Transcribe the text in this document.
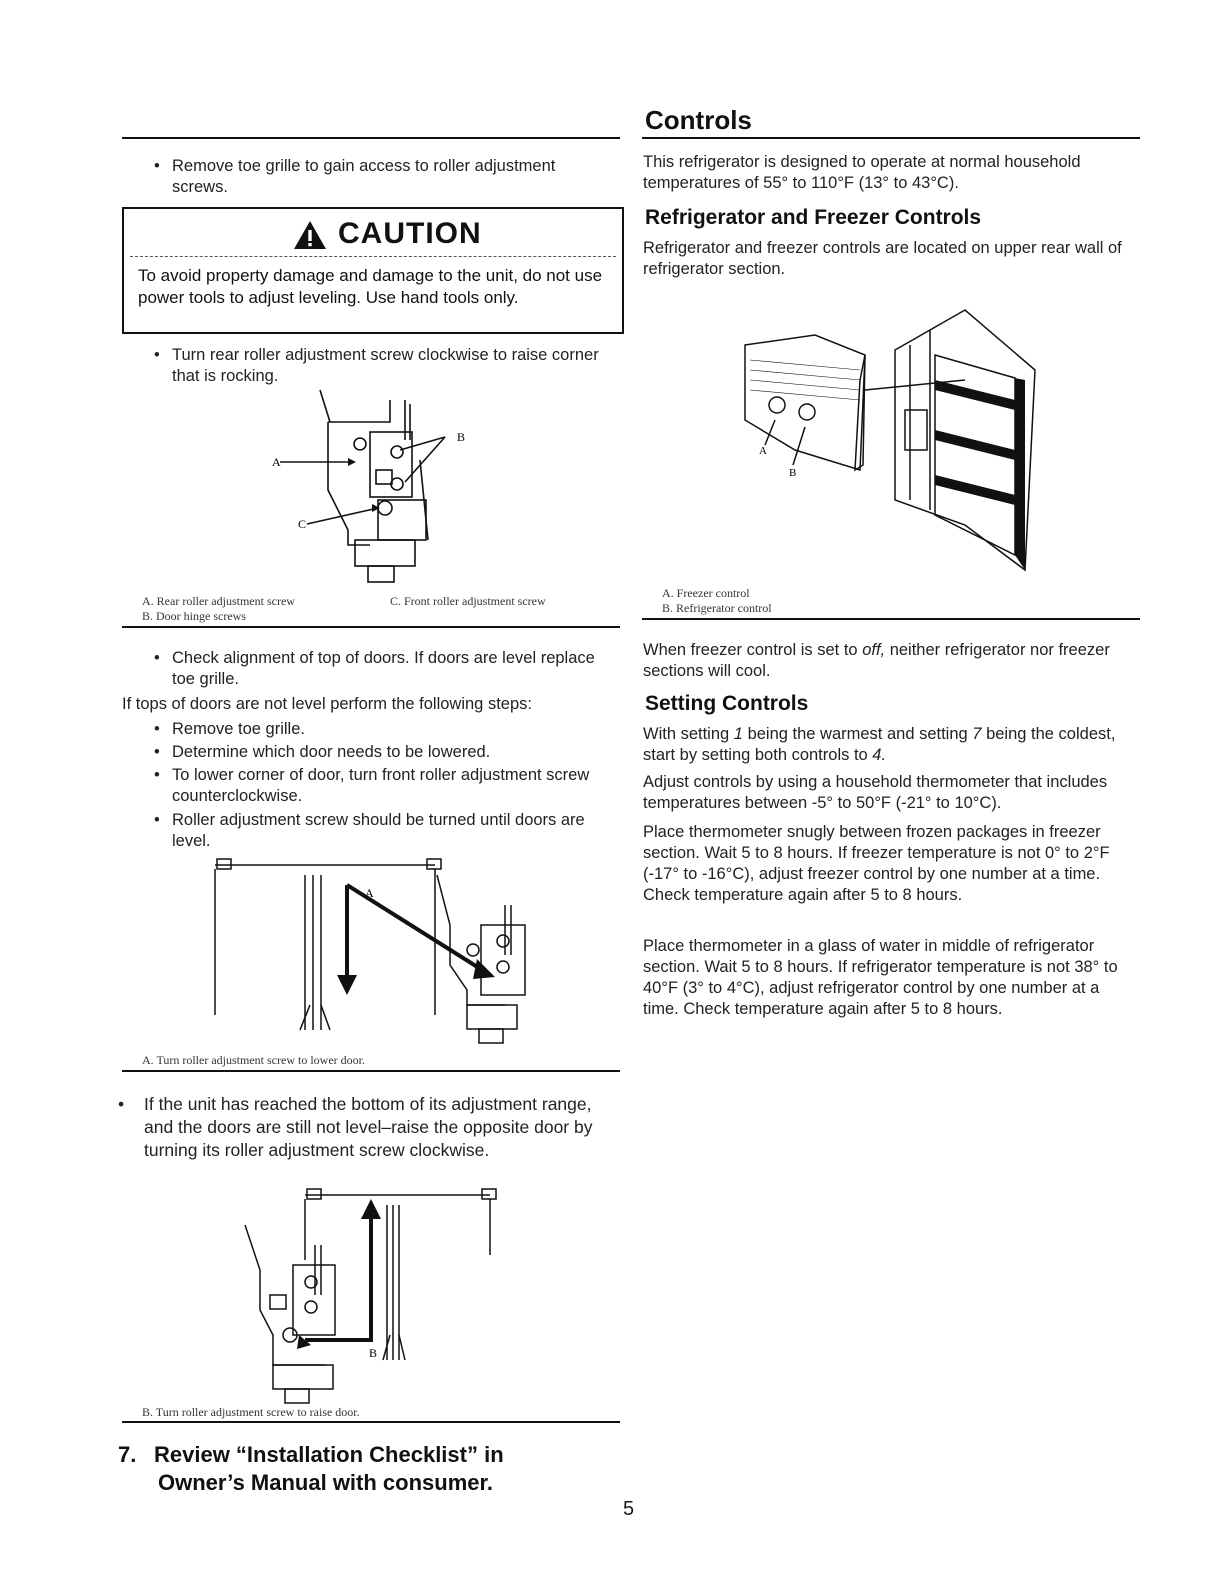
• Remove toe grille to gain access to roller adjustment screws.
CAUTION
To avoid property damage and damage to the unit, do not use power tools to adjust leveling. Use hand tools only.
• Turn rear roller adjustment screw clockwise to raise corner that is rocking.
A
B
C
A. Rear roller adjustment screw	C. Front roller adjustment screw
B. Door hinge screws
• Check alignment of top of doors. If doors are level replace toe grille.
If tops of doors are not level perform the following steps:
• Remove toe grille.
• Determine which door needs to be lowered.
• To lower corner of door, turn front roller adjustment screw counterclockwise.
• Roller adjustment screw should be turned until doors are level.
A
A. Turn roller adjustment screw to lower door.
•	If the unit has reached the bottom of its adjustment range, and the doors are still not level–raise the opposite door by turning its roller adjustment screw clockwise.
B
B. Turn roller adjustment screw to raise door.
7. Review “Installation Checklist” in
Owner’s Manual with consumer.
Controls
This refrigerator is designed to operate at normal household temperatures of 55° to 110°F (13° to 43°C).
Refrigerator and Freezer Controls
Refrigerator and freezer controls are located on upper rear wall of refrigerator section.
A
B
A. Freezer control
B. Refrigerator control
When freezer control is set to off, neither refrigerator nor freezer sections will cool.
Setting Controls
With setting 1 being the warmest and setting 7 being the coldest, start by setting both controls to 4.
Adjust controls by using a household thermometer that includes temperatures between -5° to 50°F (-21° to 10°C).
Place thermometer snugly between frozen packages in freezer section. Wait 5 to 8 hours. If freezer temperature is not 0° to 2°F (-17° to -16°C), adjust freezer control by one number at a time. Check temperature again after 5 to 8 hours.
Place thermometer in a glass of water in middle of refrigerator section. Wait 5 to 8 hours. If refrigerator temperature is not 38° to 40°F (3° to 4°C), adjust refrigerator control by one number at a time. Check temperature again after 5 to 8 hours.
5
